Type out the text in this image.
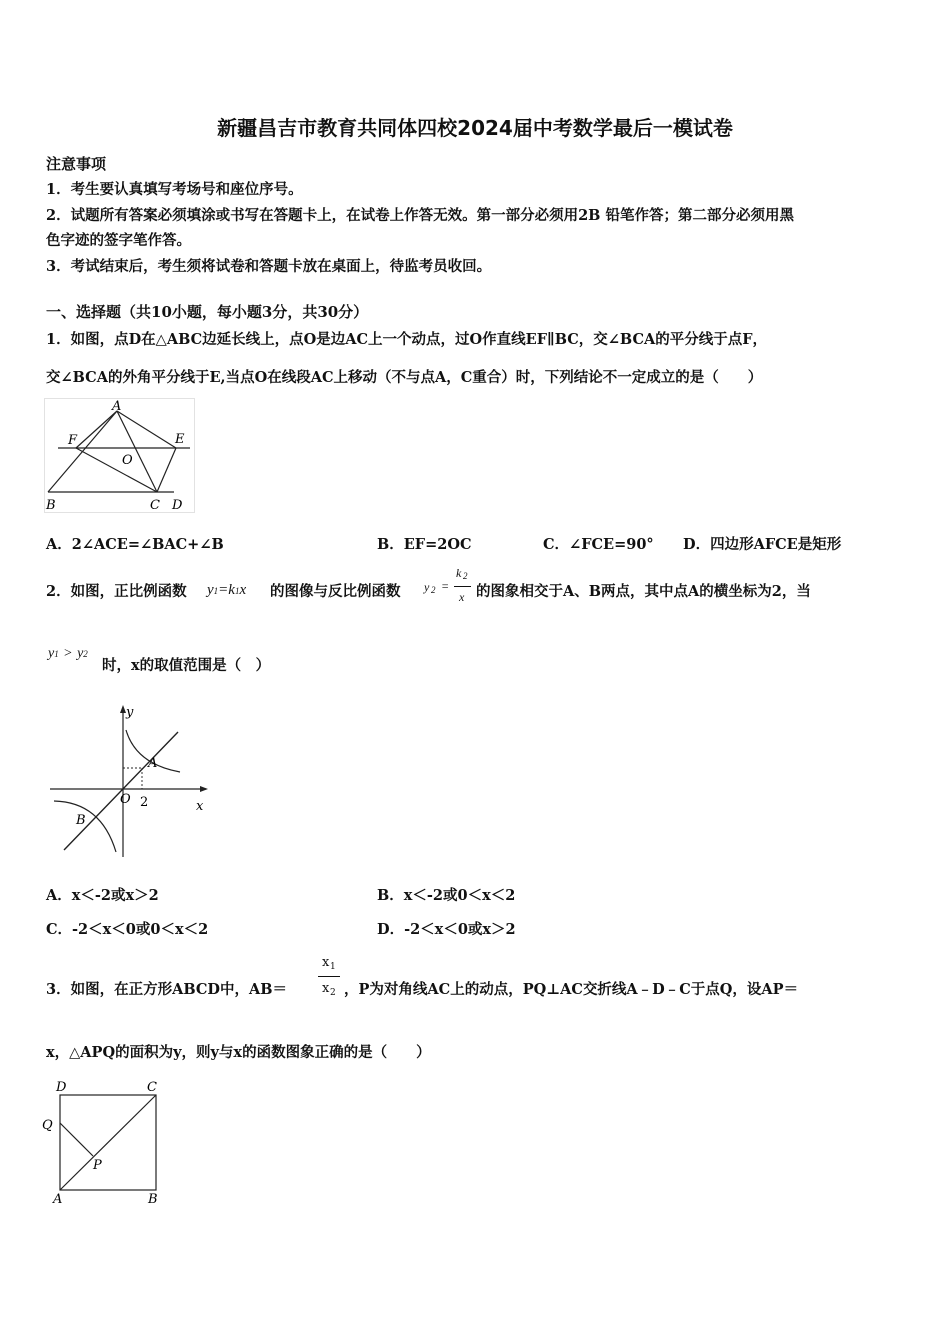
新疆昌吉市教育共同体四校2024届中考数学最后一模试卷
注意事项
1．考生要认真填写考场号和座位序号。
2．试题所有答案必须填涂或书写在答题卡上，在试卷上作答无效。第一部分必须用2B 铅笔作答；第二部分必须用黑
色字迹的签字笔作答。
3．考试结束后，考生须将试卷和答题卡放在桌面上，待监考员收回。
一、选择题（共10小题，每小题3分，共30分）
1．如图，点D在△ABC边延长线上，点O是边AC上一个动点，过O作直线EF∥BC，交∠BCA的平分线于点F，
交∠BCA的外角平分线于E,当点O在线段AC上移动（不与点A，C重合）时，下列结论不一定成立的是（　　）
A
F	E
O
B	C D
A．2∠ACE=∠BAC+∠B	B．EF=2OC	C．∠FCE=90° D．四边形AFCE是矩形
2．如图，正比例函数 y1=k1x 的图像与反比例函数 y 2 =
k 2
x 的图象相交于A、B两点，其中点A的横坐标为2，当
y1 > y2
时，x的取值范围是（　）
y
A
O 2	x
B
A．x＜-2或x＞2	B．x＜-2或0＜x＜2
C．-2＜x＜0或0＜x＜2	D．-2＜x＜0或x＞2
3．如图，在正方形ABCD中，AB＝
x 1
x 2 ，P为对角线AC上的动点，PQ⊥AC交折线A﹣D﹣C于点Q，设AP＝
x，△APQ的面积为y，则y与x的函数图象正确的是（　　）
D	C
Q
P
A	B
